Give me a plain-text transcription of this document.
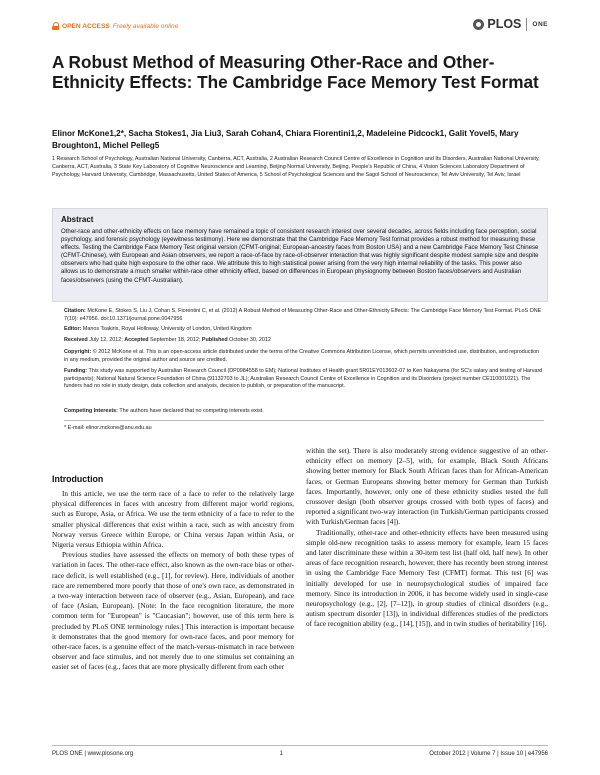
OPEN ACCESS Freely available online	PLOS ONE
A Robust Method of Measuring Other-Race and Other-Ethnicity Effects: The Cambridge Face Memory Test Format
Elinor McKone1,2*, Sacha Stokes1, Jia Liu3, Sarah Cohan4, Chiara Fiorentini1,2, Madeleine Pidcock1, Galit Yovel5, Mary Broughton1, Michel Pelleg5
1 Research School of Psychology, Australian National University, Canberra, ACT, Australia, 2 Australian Research Council Centre of Excellence in Cognition and Its Disorders, Australian National University, Canberra, ACT, Australia, 3 State Key Laboratory of Cognitive Neuroscience and Learning, Beijing Normal University, Beijing, People's Republic of China, 4 Vision Sciences Laboratory Department of Psychology, Harvard University, Cambridge, Massachusetts, United States of America, 5 School of Psychological Sciences and the Sagol School of Neuroscience, Tel Aviv University, Tel Aviv, Israel
Abstract

Other-race and other-ethnicity effects on face memory have remained a topic of consistent research interest over several decades, across fields including face perception, social psychology, and forensic psychology (eyewitness testimony). Here we demonstrate that the Cambridge Face Memory Test format provides a robust method for measuring these effects. Testing the Cambridge Face Memory Test original version (CFMT-original; European-ancestry faces from Boston USA) and a new Cambridge Face Memory Test Chinese (CFMT-Chinese), with European and Asian observers, we report a race-of-face by race-of-observer interaction that was highly significant despite modest sample size and despite observers who had quite high exposure to the other race. We attribute this to high statistical power arising from the very high internal reliability of the tasks. This power also allows us to demonstrate a much smaller within-race other ethnicity effect, based on differences in European physiognomy between Boston faces/observers and Australian faces/observers (using the CFMT-Australian).

Citation: McKone E, Stokes S, Liu J, Cohan S, Fiorentini C, et al. (2012) A Robust Method of Measuring Other-Race and Other-Ethnicity Effects: The Cambridge Face Memory Test Format. PLoS ONE 7(10): e47956. doi:10.1371/journal.pone.0047956
Editor: Manos Tsakiris, Royal Holloway, University of London, United Kingdom
Received July 12, 2012; Accepted September 18, 2012; Published October 30, 2012
Copyright: © 2012 McKone et al. This is an open-access article distributed under the terms of the Creative Commons Attribution License, which permits unrestricted use, distribution, and reproduction in any medium, provided the original author and source are credited.
Funding: This study was supported by Australian Research Council (DP0984558 to EM); National Institutes of Health grant 5R01EY013602-07 to Ken Nakayama (for SC's salary and testing of Harvard participants); National Natural Science Foundation of China (91132703 to JL); Australian Research Council Centre of Excellence in Cognition and its Disorders (project number CE110001021). The funders had no role in study design, data collection and analysis, decision to publish, or preparation of the manuscript.
Competing Interests: The authors have declared that no competing interests exist.
* E-mail: elinor.mckone@anu.edu.au
Introduction

In this article, we use the term race of a face to refer to the relatively large physical differences in faces with ancestry from different major world regions, such as Europe, Asia, or Africa. We use the term ethnicity of a face to refer to the smaller physical differences that exist within a race, such as with ancestry from Norway versus Greece within Europe, or China versus Japan within Asia, or Nigeria versus Ethiopia within Africa.

Previous studies have assessed the effects on memory of both these types of variation in faces. The other-race effect, also known as the own-race bias or other-race deficit, is well established (e.g., [1], for review). Here, individuals of another race are remembered more poorly that those of one's own race, as demonstrated in a two-way interaction between race of observer (e.g., Asian, European), and race of face (Asian, European). [Note: In the face recognition literature, the more common term for "European" is "Caucasian"; however, use of this term here is precluded by PLoS ONE terminology rules.] This interaction is important because it demonstrates that the good memory for own-race faces, and poor memory for other-race faces, is a genuine effect of the match-versus-mismatch in race between observer and face stimulus, and not merely due to one stimulus set containing an easier set of faces (e.g., faces that are more physically different from each other

within the set). There is also moderately strong evidence suggestive of an other-ethnicity effect on memory [2–5], with, for example, Black South Africans showing better memory for Black South African faces than for African-American faces, or German Europeans showing better memory for German than Turkish faces. Importantly, however, only one of these ethnicity studies tested the full crossover design (both observer groups crossed with both types of faces) and reported a significant two-way interaction (in Turkish/German participants crossed with Turkish/German faces [4]).

Traditionally, other-race and other-ethnicity effects have been measured using simple old-new recognition tasks to assess memory for example, learn 15 faces and later discriminate these within a 30-item test list (half old, half new). In other areas of face recognition research, however, there has recently been strong interest in using the Cambridge Face Memory Test (CFMT) format. This test [6] was initially developed for use in neuropsychological studies of impaired face memory. Since its introduction in 2006, it has become widely used in single-case neuropsychology (e.g., [2], [7–12]), in group studies of clinical disorders (e.g., autism spectrum disorder [13]), in individual differences studies of the predictors of face recognition ability (e.g., [14], [15]), and in twin studies of heritability [16].

PLOS ONE | www.plosone.org	1	October 2012 | Volume 7 | Issue 10 | e47956
